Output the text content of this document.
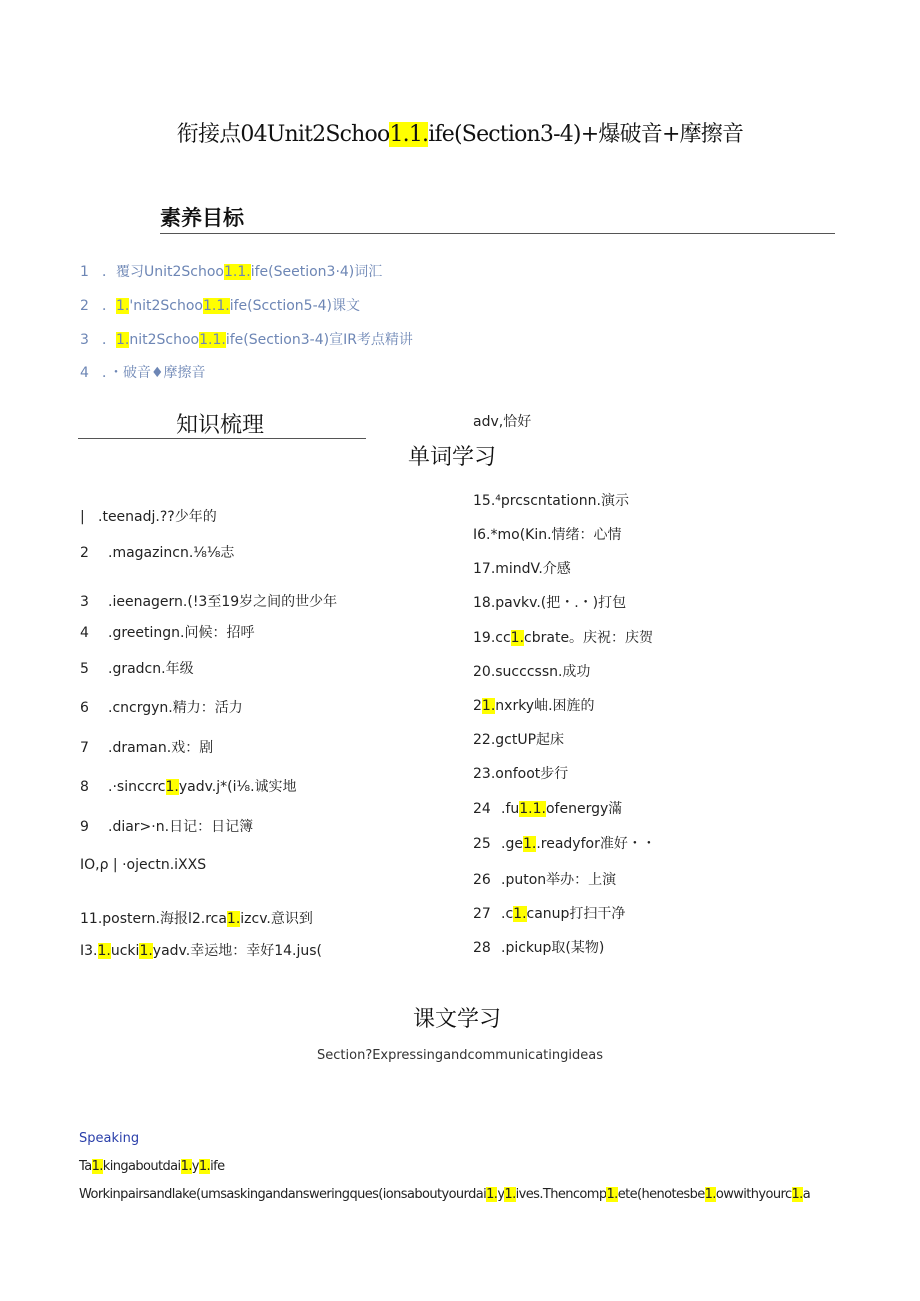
衔接点04Unit2Schoo1.1.ife(Section3-4)+爆破音+摩擦音
素养目标
1 ．覆习Unit2Schoo1.1.ife(Seetion3·4)词汇
2 ．1.'nit2Schoo1.1.ife(Scction5-4)课文
3 ．1.nit2Schoo1.1.ife(Section3-4)宣IR考点精讲
4 ．・破音♦摩擦音
知识梳理	adv,恰好
单词学习
| .teenadj.??少年的
2 .magazincn.⅛⅛志
3 .ieenagern.(!3至19岁之间的世少年
4 .greetingn.问候：招呼
5 .gradcn.年级
6 .cncrgyn.精力：活力
7 .draman.戏：剧
8 .·sinccrc1.yadv.j*(i⅛.诚实地
9 .diar>·n.日记：日记簿
IO,ρ | ·ojectn.iXXS
11.postern.海报l2.rca1.izcv.意识到
I3.1.ucki1.yadv.幸运地：幸好14.jus(
15.⁴prcscntationn.演示
I6.*mo(Kin.情绪：心情
17.mindV.介感
18.pavkv.(把・.・)打包
19.cc1.cbrate。庆祝：庆贺
20.succcssn.成功
21.nxrky岫.困旌的
22.gctUP起床
23.onfoot步行
24 .fu1.1.ofenergy滿
25 .ge1..readyfor准好・・
26 .puton举办：上演
27 .c1.canup打扫干净
28 .pickup取(某物)
课文学习
Section?Expressingandcommunicatingideas
Speaking
Ta1.kingaboutdai1.y1.ife
Workinpairsandlake(umsaskingandansweringques(ionsaboutyourdai1.y1.ives.Thencomp1.ete(henotesbe1.owwithyourc1.a
